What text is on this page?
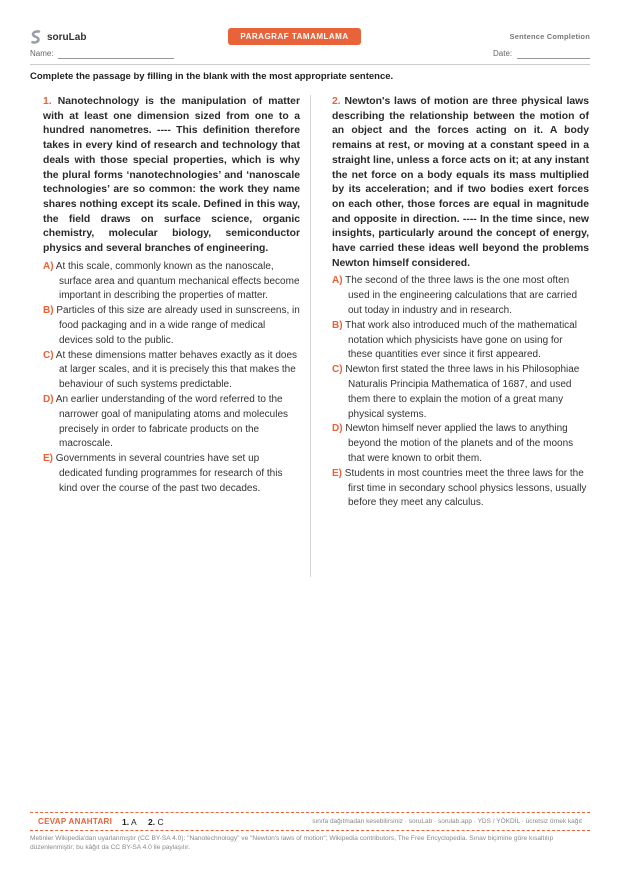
soruLab	PARAGRAF TAMAMLAMA	Sentence Completion
Name:	Date:
Complete the passage by filling in the blank with the most appropriate sentence.

1. Nanotechnology is the manipulation of matter with at least one dimension sized from one to a hundred nanometres. ---- This definition therefore takes in every kind of research and technology that deals with those special properties, which is why the plural forms ‘nanotechnologies’ and ‘nanoscale technologies’ are so common: the work they name shares nothing except its scale. Defined in this way, the field draws on surface science, organic chemistry, molecular biology, semiconductor physics and several branches of engineering.

A) At this scale, commonly known as the nanoscale, surface area and quantum mechanical effects become important in describing the properties of matter.
B) Particles of this size are already used in sunscreens, in food packaging and in a wide range of medical devices sold to the public.
C) At these dimensions matter behaves exactly as it does at larger scales, and it is precisely this that makes the behaviour of such systems predictable.
D) An earlier understanding of the word referred to the narrower goal of manipulating atoms and molecules precisely in order to fabricate products on the macroscale.
E) Governments in several countries have set up dedicated funding programmes for research of this kind over the course of the past two decades.

2. Newton's laws of motion are three physical laws describing the relationship between the motion of an object and the forces acting on it. A body remains at rest, or moving at a constant speed in a straight line, unless a force acts on it; at any instant the net force on a body equals its mass multiplied by its acceleration; and if two bodies exert forces on each other, those forces are equal in magnitude and opposite in direction. ---- In the time since, new insights, particularly around the concept of energy, have carried these ideas well beyond the problems Newton himself considered.

A) The second of the three laws is the one most often used in the engineering calculations that are carried out today in industry and in research.
B) That work also introduced much of the mathematical notation which physicists have gone on using for these quantities ever since it first appeared.
C) Newton first stated the three laws in his Philosophiae Naturalis Principia Mathematica of 1687, and used them there to explain the motion of a great many physical systems.
D) Newton himself never applied the laws to anything beyond the motion of the planets and of the moons that were known to orbit them.
E) Students in most countries meet the three laws for the first time in secondary school physics lessons, usually before they meet any calculus.
CEVAP ANAHTARI 1. A 2. C	sınıfa dağıtmadan kesebilirsiniz · soruLab · sorulab.app · YDS / YÖKDİL · ücretsiz örnek kağıt
Metinler Wikipedia'dan uyarlanmıştır (CC BY-SA 4.0): "Nanotechnology" ve "Newton's laws of motion"; Wikipedia contributors, The Free Encyclopedia. Sınav biçimine göre kısaltılıp düzenlenmiştir; bu kâğıt da CC BY-SA 4.0 ile paylaşılır.
